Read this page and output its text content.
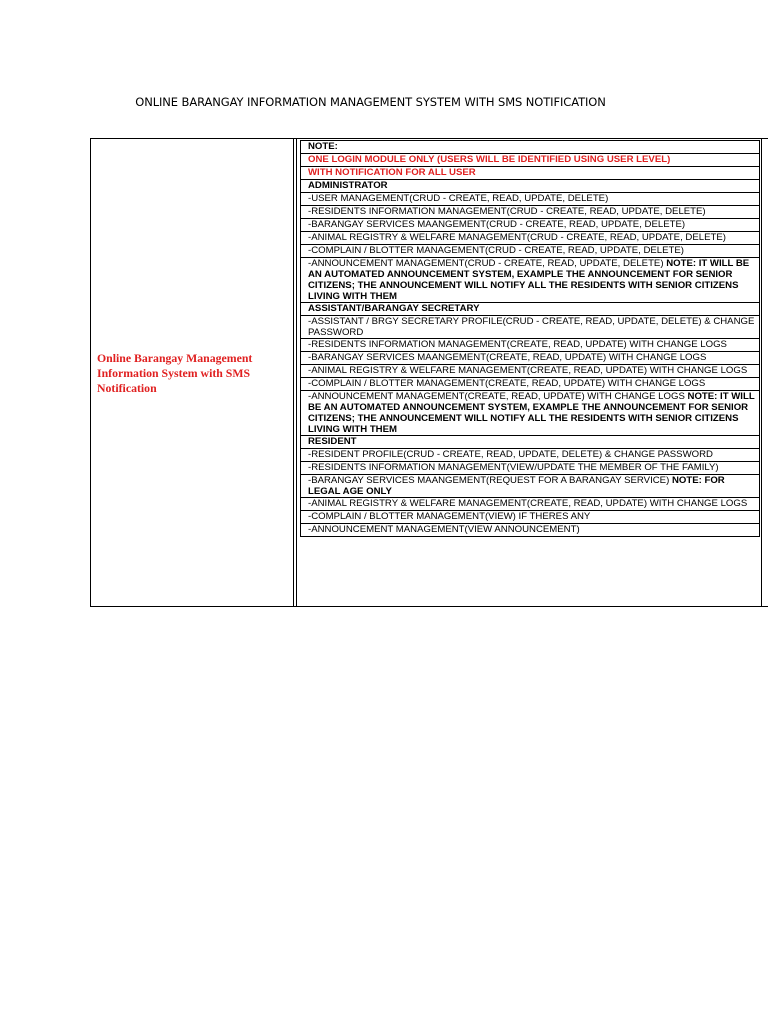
ONLINE BARANGAY INFORMATION MANAGEMENT SYSTEM WITH SMS NOTIFICATION
Online Barangay Management Information System with SMS Notification
NOTE:
ONE LOGIN MODULE ONLY (USERS WILL BE IDENTIFIED USING USER LEVEL)
WITH NOTIFICATION FOR ALL USER
ADMINISTRATOR
-USER MANAGEMENT(CRUD - CREATE, READ, UPDATE, DELETE)
-RESIDENTS INFORMATION MANAGEMENT(CRUD - CREATE, READ, UPDATE, DELETE)
-BARANGAY SERVICES MAANGEMENT(CRUD - CREATE, READ, UPDATE, DELETE)
-ANIMAL REGISTRY & WELFARE MANAGEMENT(CRUD - CREATE, READ, UPDATE, DELETE)
-COMPLAIN / BLOTTER MANAGEMENT(CRUD - CREATE, READ, UPDATE, DELETE)
-ANNOUNCEMENT MANAGEMENT(CRUD - CREATE, READ, UPDATE, DELETE) NOTE: IT WILL BE AN AUTOMATED ANNOUNCEMENT SYSTEM, EXAMPLE THE ANNOUNCEMENT FOR SENIOR CITIZENS; THE ANNOUNCEMENT WILL NOTIFY ALL THE RESIDENTS WITH SENIOR CITIZENS LIVING WITH THEM
ASSISTANT/BARANGAY SECRETARY
-ASSISTANT / BRGY SECRETARY PROFILE(CRUD - CREATE, READ, UPDATE, DELETE) & CHANGE PASSWORD
-RESIDENTS INFORMATION MANAGEMENT(CREATE, READ, UPDATE) WITH CHANGE LOGS
-BARANGAY SERVICES MAANGEMENT(CREATE, READ, UPDATE) WITH CHANGE LOGS
-ANIMAL REGISTRY & WELFARE MANAGEMENT(CREATE, READ, UPDATE) WITH CHANGE LOGS
-COMPLAIN / BLOTTER MANAGEMENT(CREATE, READ, UPDATE) WITH CHANGE LOGS
-ANNOUNCEMENT MANAGEMENT(CREATE, READ, UPDATE) WITH CHANGE LOGS NOTE: IT WILL BE AN AUTOMATED ANNOUNCEMENT SYSTEM, EXAMPLE THE ANNOUNCEMENT FOR SENIOR CITIZENS; THE ANNOUNCEMENT WILL NOTIFY ALL THE RESIDENTS WITH SENIOR CITIZENS LIVING WITH THEM
RESIDENT
-RESIDENT PROFILE(CRUD - CREATE, READ, UPDATE, DELETE) & CHANGE PASSWORD
-RESIDENTS INFORMATION MANAGEMENT(VIEW/UPDATE THE MEMBER OF THE FAMILY)
-BARANGAY SERVICES MAANGEMENT(REQUEST FOR A BARANGAY SERVICE) NOTE: FOR LEGAL AGE ONLY
-ANIMAL REGISTRY & WELFARE MANAGEMENT(CREATE, READ, UPDATE) WITH CHANGE LOGS
-COMPLAIN / BLOTTER MANAGEMENT(VIEW) IF THERES ANY
-ANNOUNCEMENT MANAGEMENT(VIEW ANNOUNCEMENT)
